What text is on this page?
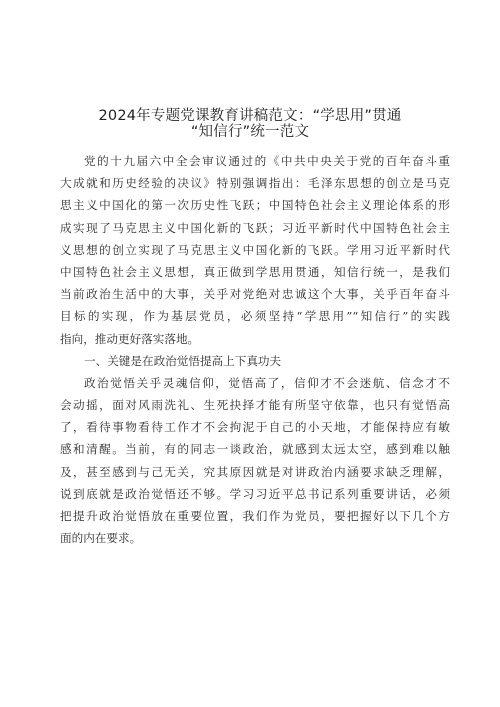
2024年专题党课教育讲稿范文：“学思用”贯通
“知信行”统一范文
党的十九届六中全会审议通过的《中共中央关于党的百年奋斗重
大成就和历史经验的决议》特别强调指出：毛泽东思想的创立是马克
思主义中国化的第一次历史性飞跃；中国特色社会主义理论体系的形
成实现了马克思主义中国化新的飞跃；习近平新时代中国特色社会主
义思想的创立实现了马克思主义中国化新的飞跃。学用习近平新时代
中国特色社会主义思想，真正做到学思用贯通，知信行统一，是我们
当前政治生活中的大事，关乎对党绝对忠诚这个大事，关乎百年奋斗
目标的实现，作为基层党员，必须坚持“学思用”“知信行”的实践
指向，推动更好落实落地。
一、关键是在政治觉悟提高上下真功夫
政治觉悟关乎灵魂信仰，觉悟高了，信仰才不会迷航、信念才不
会动摇，面对风雨洗礼、生死抉择才能有所坚守依靠，也只有觉悟高
了，看待事物看待工作才不会拘泥于自己的小天地，才能保持应有敏
感和清醒。当前，有的同志一谈政治，就感到太远太空，感到难以触
及，甚至感到与己无关，究其原因就是对讲政治内涵要求缺乏理解，
说到底就是政治觉悟还不够。学习习近平总书记系列重要讲话，必须
把提升政治觉悟放在重要位置，我们作为党员，要把握好以下几个方
面的内在要求。
